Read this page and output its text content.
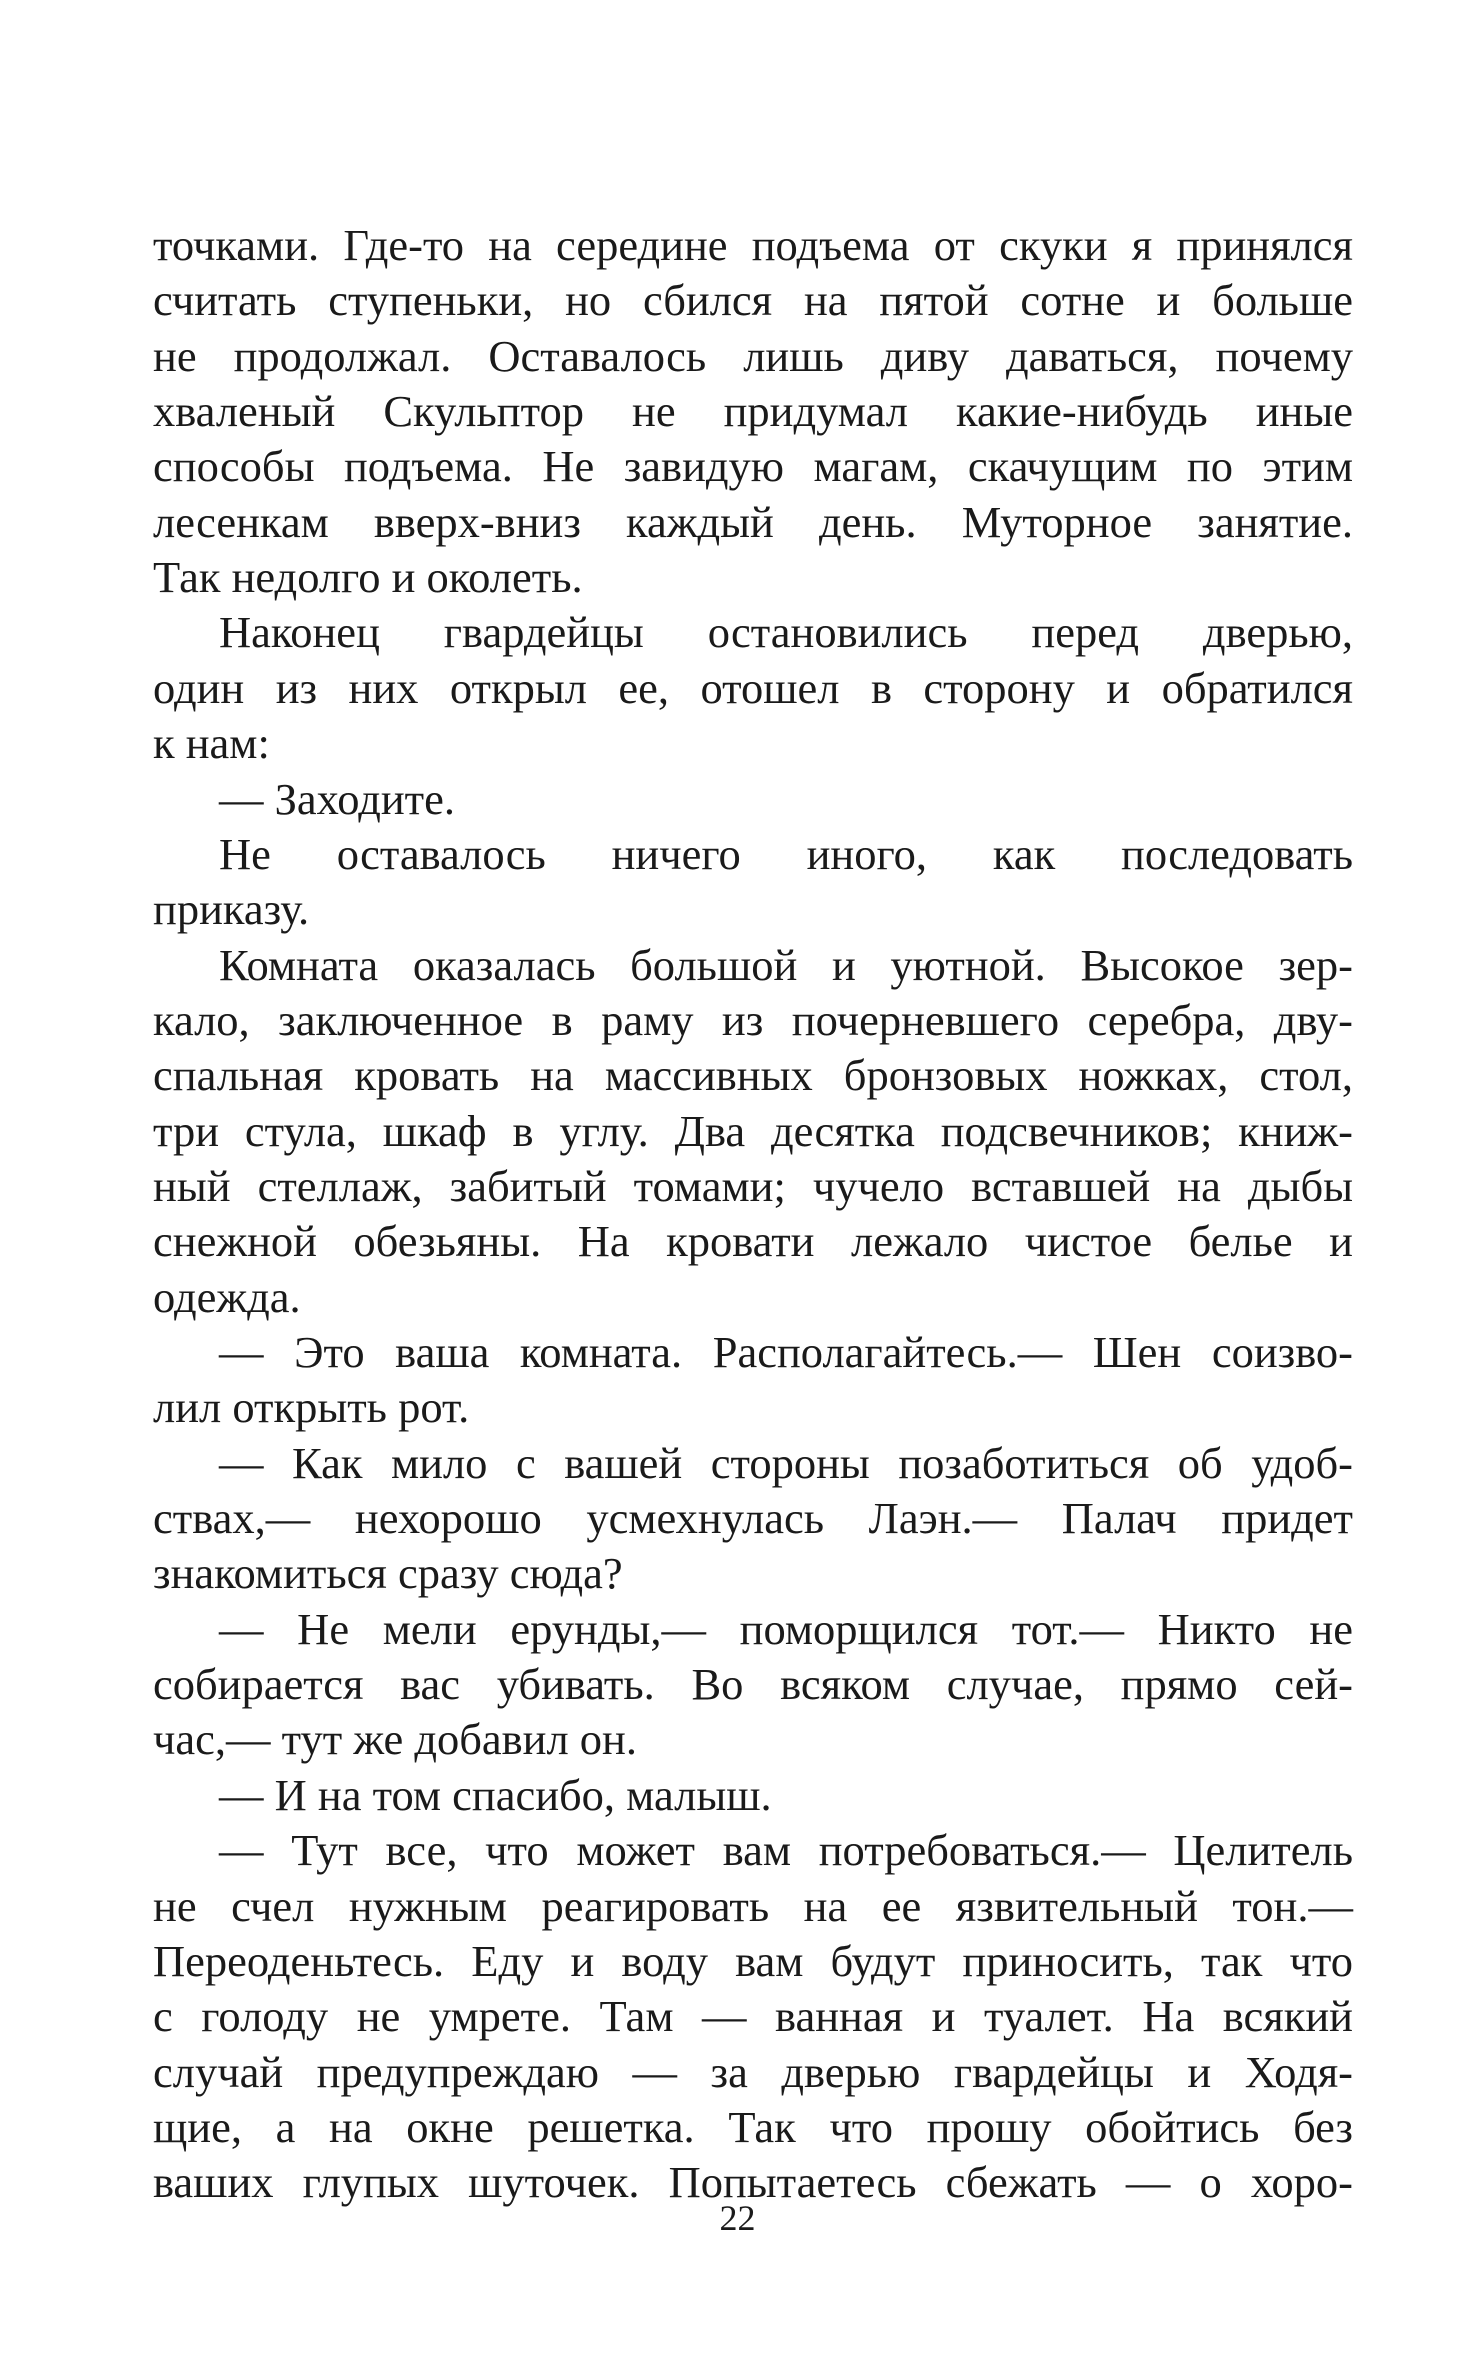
точками. Где-то на середине подъема от скуки я принялся
считать ступеньки, но сбился на пятой сотне и больше
не продолжал. Оставалось лишь диву даваться, почему
хваленый Скульптор не придумал какие-нибудь иные
способы подъема. Не завидую магам, скачущим по этим
лесенкам вверх-вниз каждый день. Муторное занятие.
Так недолго и околеть.
Наконец гвардейцы остановились перед дверью,
один из них открыл ее, отошел в сторону и обратился
к нам:
— Заходите.
Не оставалось ничего иного, как последовать
приказу.
Комната оказалась большой и уютной. Высокое зер-
кало, заключенное в раму из почерневшего серебра, дву-
спальная кровать на массивных бронзовых ножках, стол,
три стула, шкаф в углу. Два десятка подсвечников; книж-
ный стеллаж, забитый томами; чучело вставшей на дыбы
снежной обезьяны. На кровати лежало чистое белье и
одежда.
— Это ваша комната. Располагайтесь.— Шен соизво-
лил открыть рот.
— Как мило с вашей стороны позаботиться об удоб-
ствах,— нехорошо усмехнулась Лаэн.— Палач придет
знакомиться сразу сюда?
— Не мели ерунды,— поморщился тот.— Никто не
собирается вас убивать. Во всяком случае, прямо сей-
час,— тут же добавил он.
— И на том спасибо, малыш.
— Тут все, что может вам потребоваться.— Целитель
не счел нужным реагировать на ее язвительный тон.—
Переоденьтесь. Еду и воду вам будут приносить, так что
с голоду не умрете. Там — ванная и туалет. На всякий
случай предупреждаю — за дверью гвардейцы и Ходя-
щие, а на окне решетка. Так что прошу обойтись без
ваших глупых шуточек. Попытаетесь сбежать — о хоро-
22
